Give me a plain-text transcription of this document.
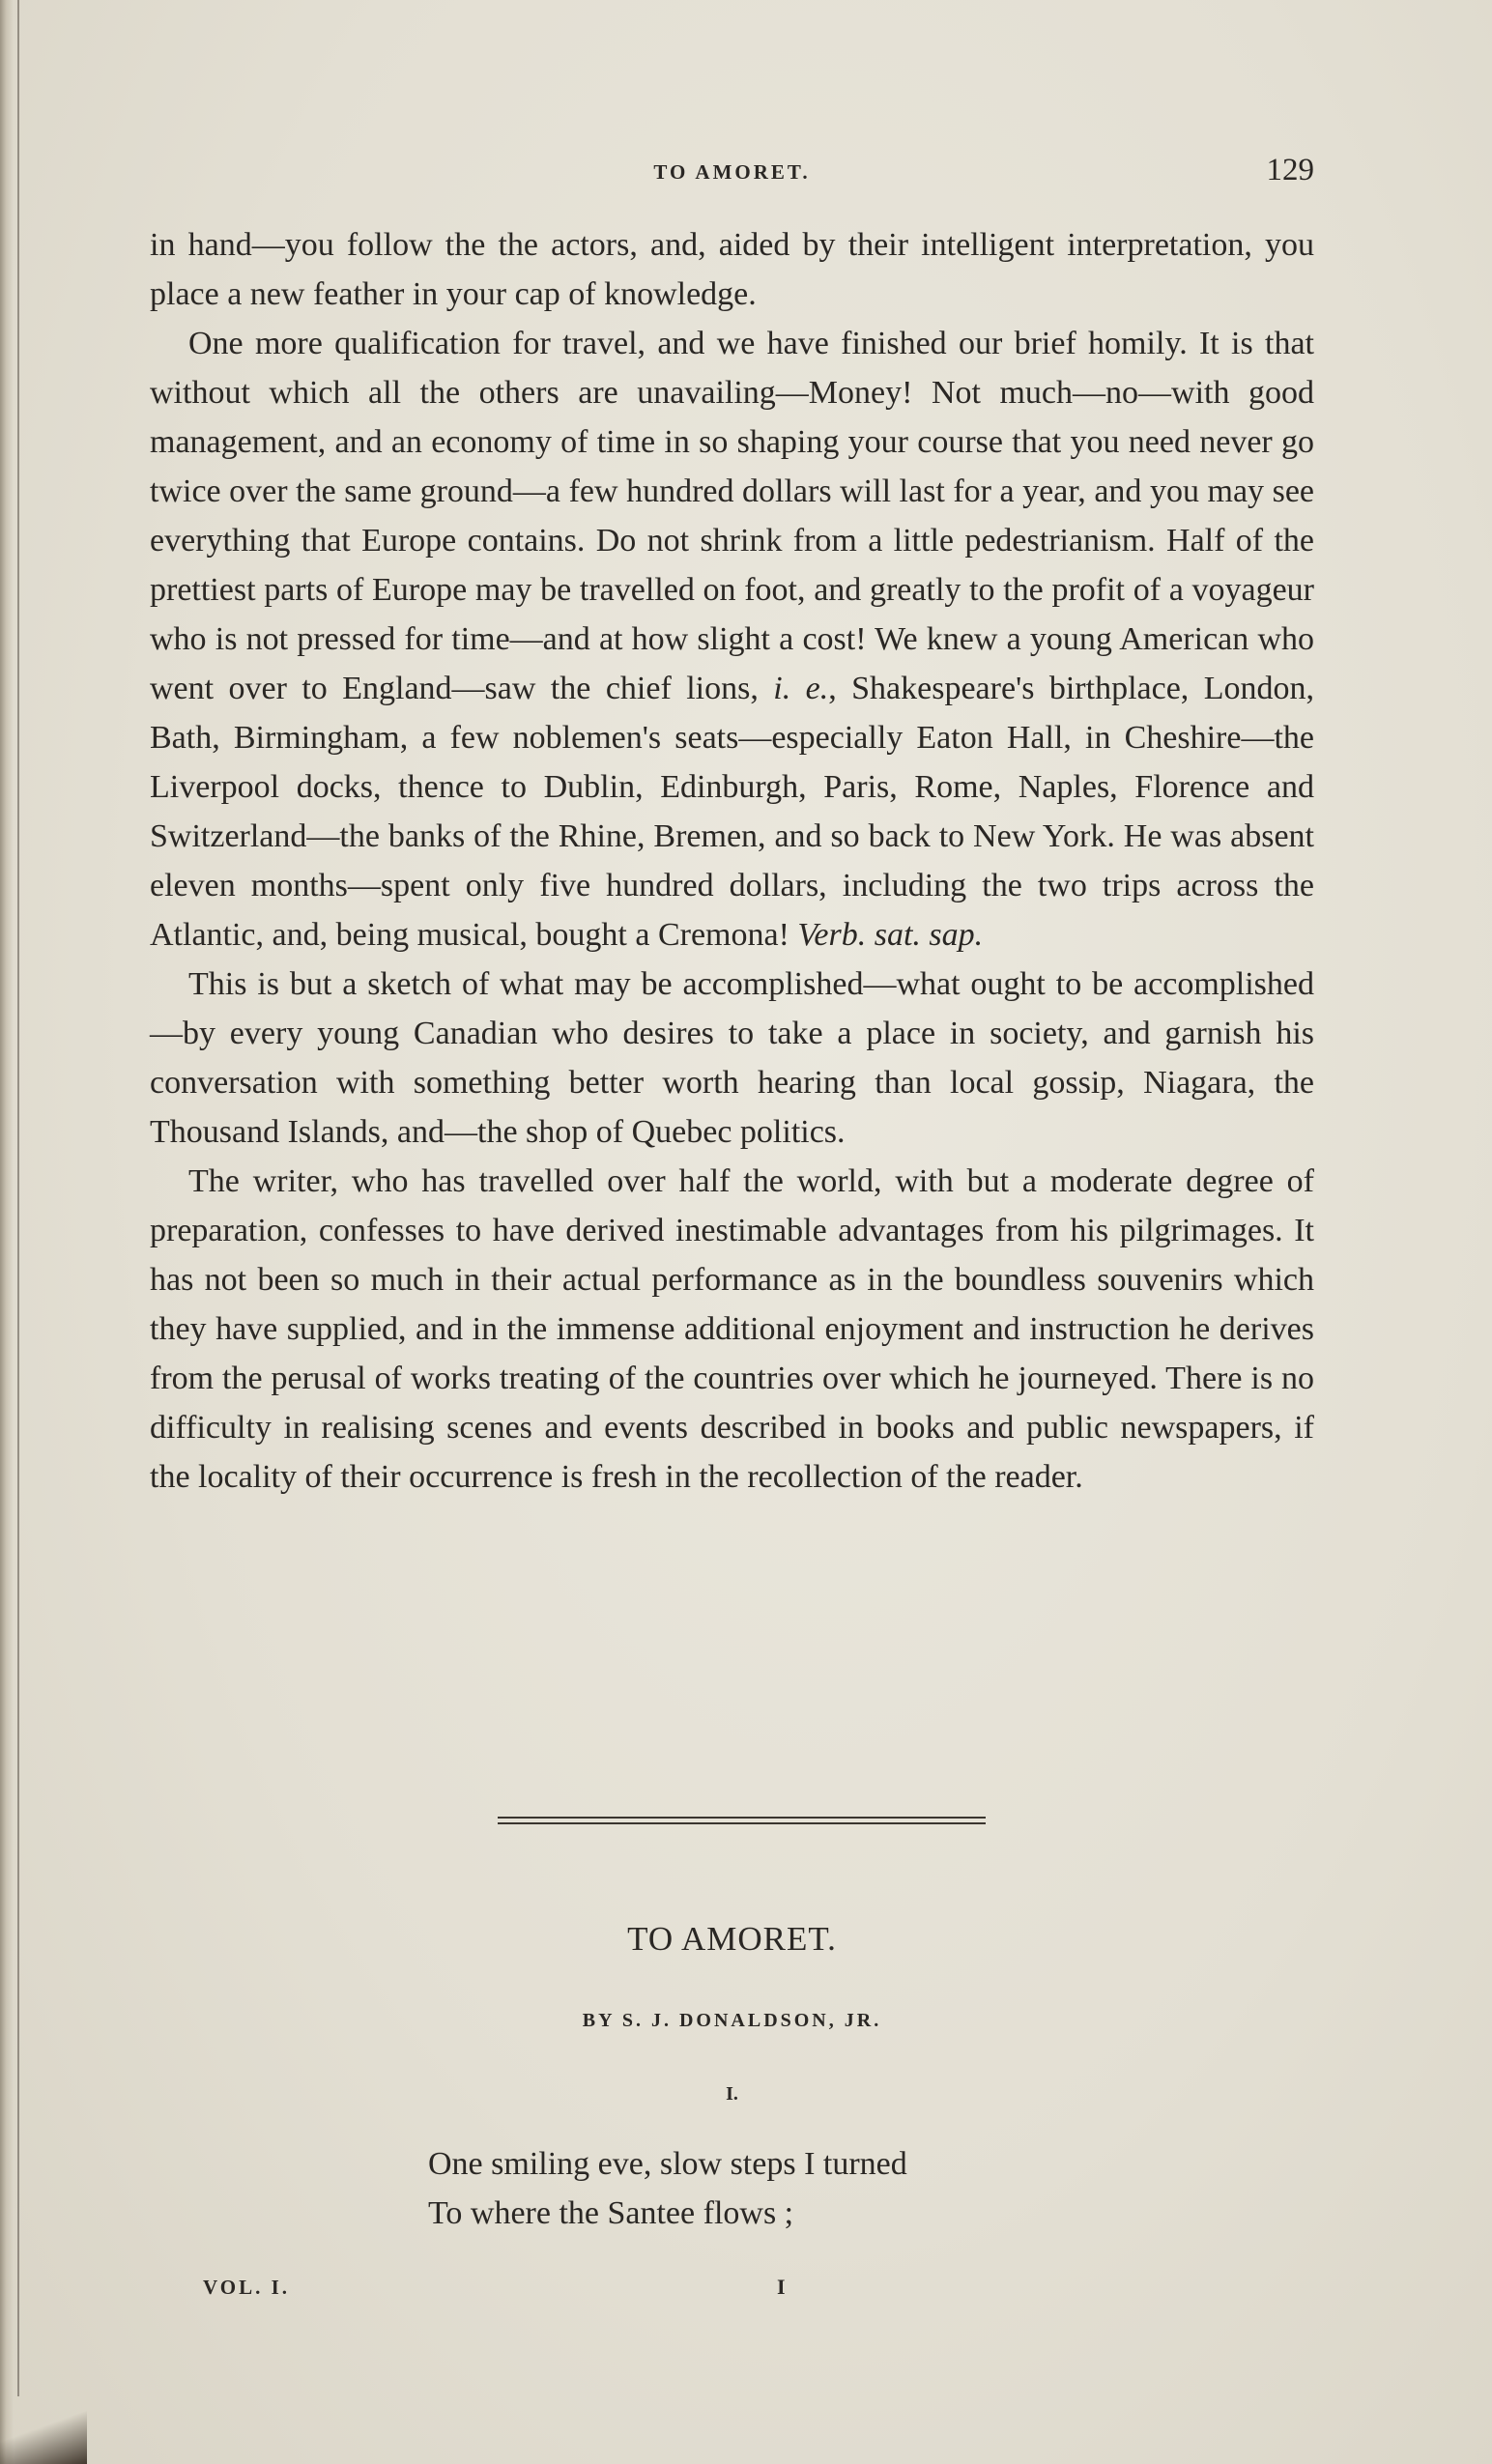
TO AMORET.	129

in hand—you follow the the actors, and, aided by their intelligent interpretation, you place a new feather in your cap of knowledge.

One more qualification for travel, and we have finished our brief homily. It is that without which all the others are unavailing—Money! Not much—no—with good management, and an economy of time in so shaping your course that you need never go twice over the same ground—a few hundred dollars will last for a year, and you may see everything that Europe contains. Do not shrink from a little pedestrianism. Half of the prettiest parts of Europe may be travelled on foot, and greatly to the profit of a voyageur who is not pressed for time—and at how slight a cost! We knew a young American who went over to England—saw the chief lions, i. e., Shakespeare's birthplace, London, Bath, Birmingham, a few noblemen's seats—especially Eaton Hall, in Cheshire—the Liverpool docks, thence to Dublin, Edinburgh, Paris, Rome, Naples, Florence and Switzerland—the banks of the Rhine, Bremen, and so back to New York. He was absent eleven months—spent only five hundred dollars, including the two trips across the Atlantic, and, being musical, bought a Cremona! Verb. sat. sap.

This is but a sketch of what may be accomplished—what ought to be accomplished—by every young Canadian who desires to take a place in society, and garnish his conversation with something better worth hearing than local gossip, Niagara, the Thousand Islands, and—the shop of Quebec politics.

The writer, who has travelled over half the world, with but a moderate degree of preparation, confesses to have derived inestimable advantages from his pilgrimages. It has not been so much in their actual performance as in the boundless souvenirs which they have supplied, and in the immense additional enjoyment and instruction he derives from the perusal of works treating of the countries over which he journeyed. There is no difficulty in realising scenes and events described in books and public newspapers, if the locality of their occurrence is fresh in the recollection of the reader.

TO AMORET.
BY S. J. DONALDSON, JR.
I.
One smiling eve, slow steps I turned
To where the Santee flows ;
VOL. I.	I
